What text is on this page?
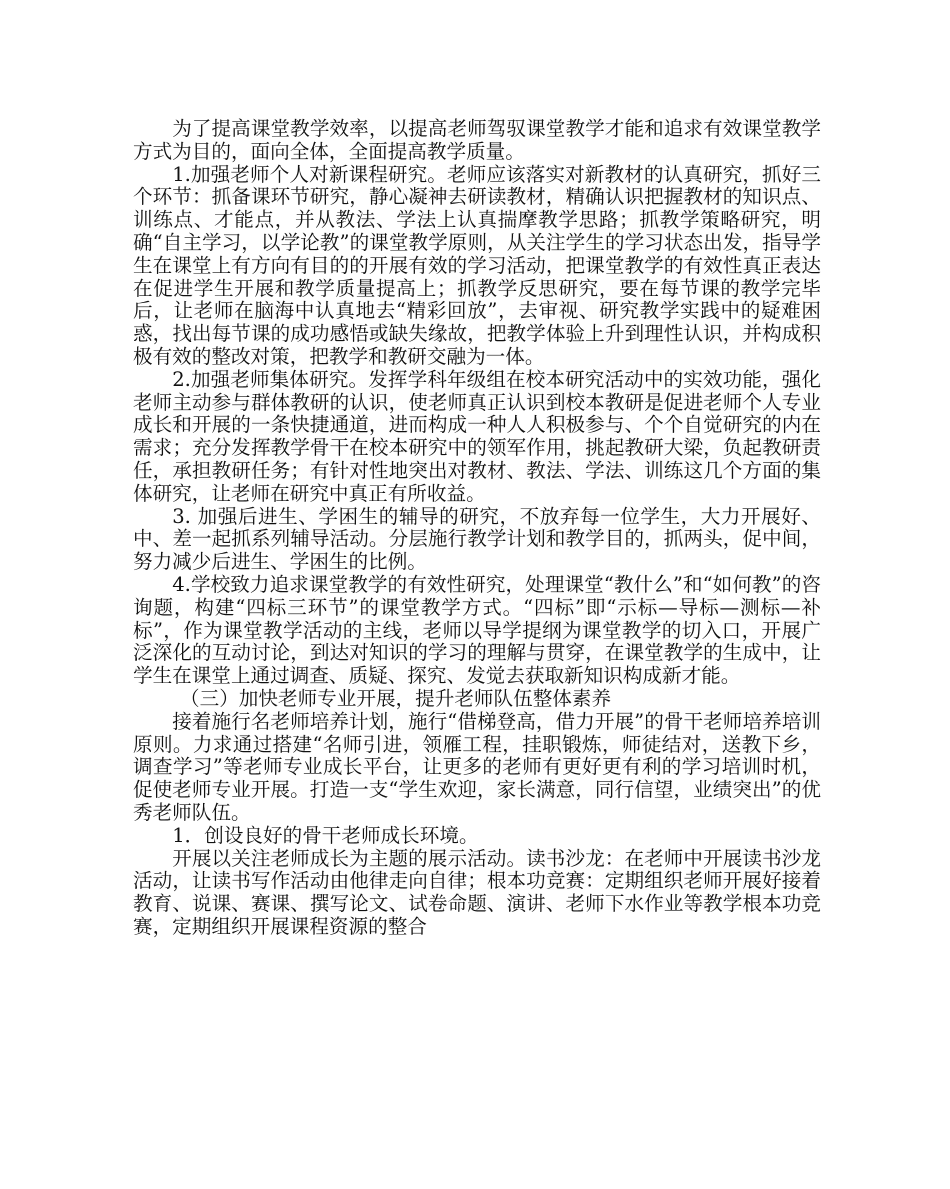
为了提高课堂教学效率，以提高老师驾驭课堂教学才能和追求有效课堂教学方式为目的，面向全体，全面提高教学质量。

1.加强老师个人对新课程研究。老师应该落实对新教材的认真研究，抓好三个环节：抓备课环节研究，静心凝神去研读教材，精确认识把握教材的知识点、训练点、才能点，并从教法、学法上认真揣摩教学思路；抓教学策略研究，明确“自主学习，以学论教”的课堂教学原则，从关注学生的学习状态出发，指导学生在课堂上有方向有目的的开展有效的学习活动，把课堂教学的有效性真正表达在促进学生开展和教学质量提高上；抓教学反思研究，要在每节课的教学完毕后，让老师在脑海中认真地去“精彩回放”，去审视、研究教学实践中的疑难困惑，找出每节课的成功感悟或缺失缘故，把教学体验上升到理性认识，并构成积极有效的整改对策，把教学和教研交融为一体。

2.加强老师集体研究。发挥学科年级组在校本研究活动中的实效功能，强化老师主动参与群体教研的认识，使老师真正认识到校本教研是促进老师个人专业成长和开展的一条快捷通道，进而构成一种人人积极参与、个个自觉研究的内在需求；充分发挥教学骨干在校本研究中的领军作用，挑起教研大梁，负起教研责任，承担教研任务；有针对性地突出对教材、教法、学法、训练这几个方面的集体研究，让老师在研究中真正有所收益。

3. 加强后进生、学困生的辅导的研究，不放弃每一位学生，大力开展好、中、差一起抓系列辅导活动。分层施行教学计划和教学目的，抓两头，促中间，努力减少后进生、学困生的比例。

4.学校致力追求课堂教学的有效性研究，处理课堂“教什么”和“如何教”的咨询题，构建“四标三环节”的课堂教学方式。“四标”即“示标—导标—测标—补标”，作为课堂教学活动的主线，老师以导学提纲为课堂教学的切入口，开展广泛深化的互动讨论，到达对知识的学习的理解与贯穿，在课堂教学的生成中，让学生在课堂上通过调查、质疑、探究、发觉去获取新知识构成新才能。

（三）加快老师专业开展，提升老师队伍整体素养

接着施行名老师培养计划，施行“借梯登高，借力开展”的骨干老师培养培训原则。力求通过搭建“名师引进，领雁工程，挂职锻炼，师徒结对，送教下乡，调查学习”等老师专业成长平台，让更多的老师有更好更有利的学习培训时机，促使老师专业开展。打造一支“学生欢迎，家长满意，同行信望，业绩突出”的优秀老师队伍。

1．创设良好的骨干老师成长环境。

开展以关注老师成长为主题的展示活动。读书沙龙：在老师中开展读书沙龙活动，让读书写作活动由他律走向自律；根本功竞赛：定期组织老师开展好接着教育、说课、赛课、撰写论文、试卷命题、演讲、老师下水作业等教学根本功竞赛，定期组织开展课程资源的整合
